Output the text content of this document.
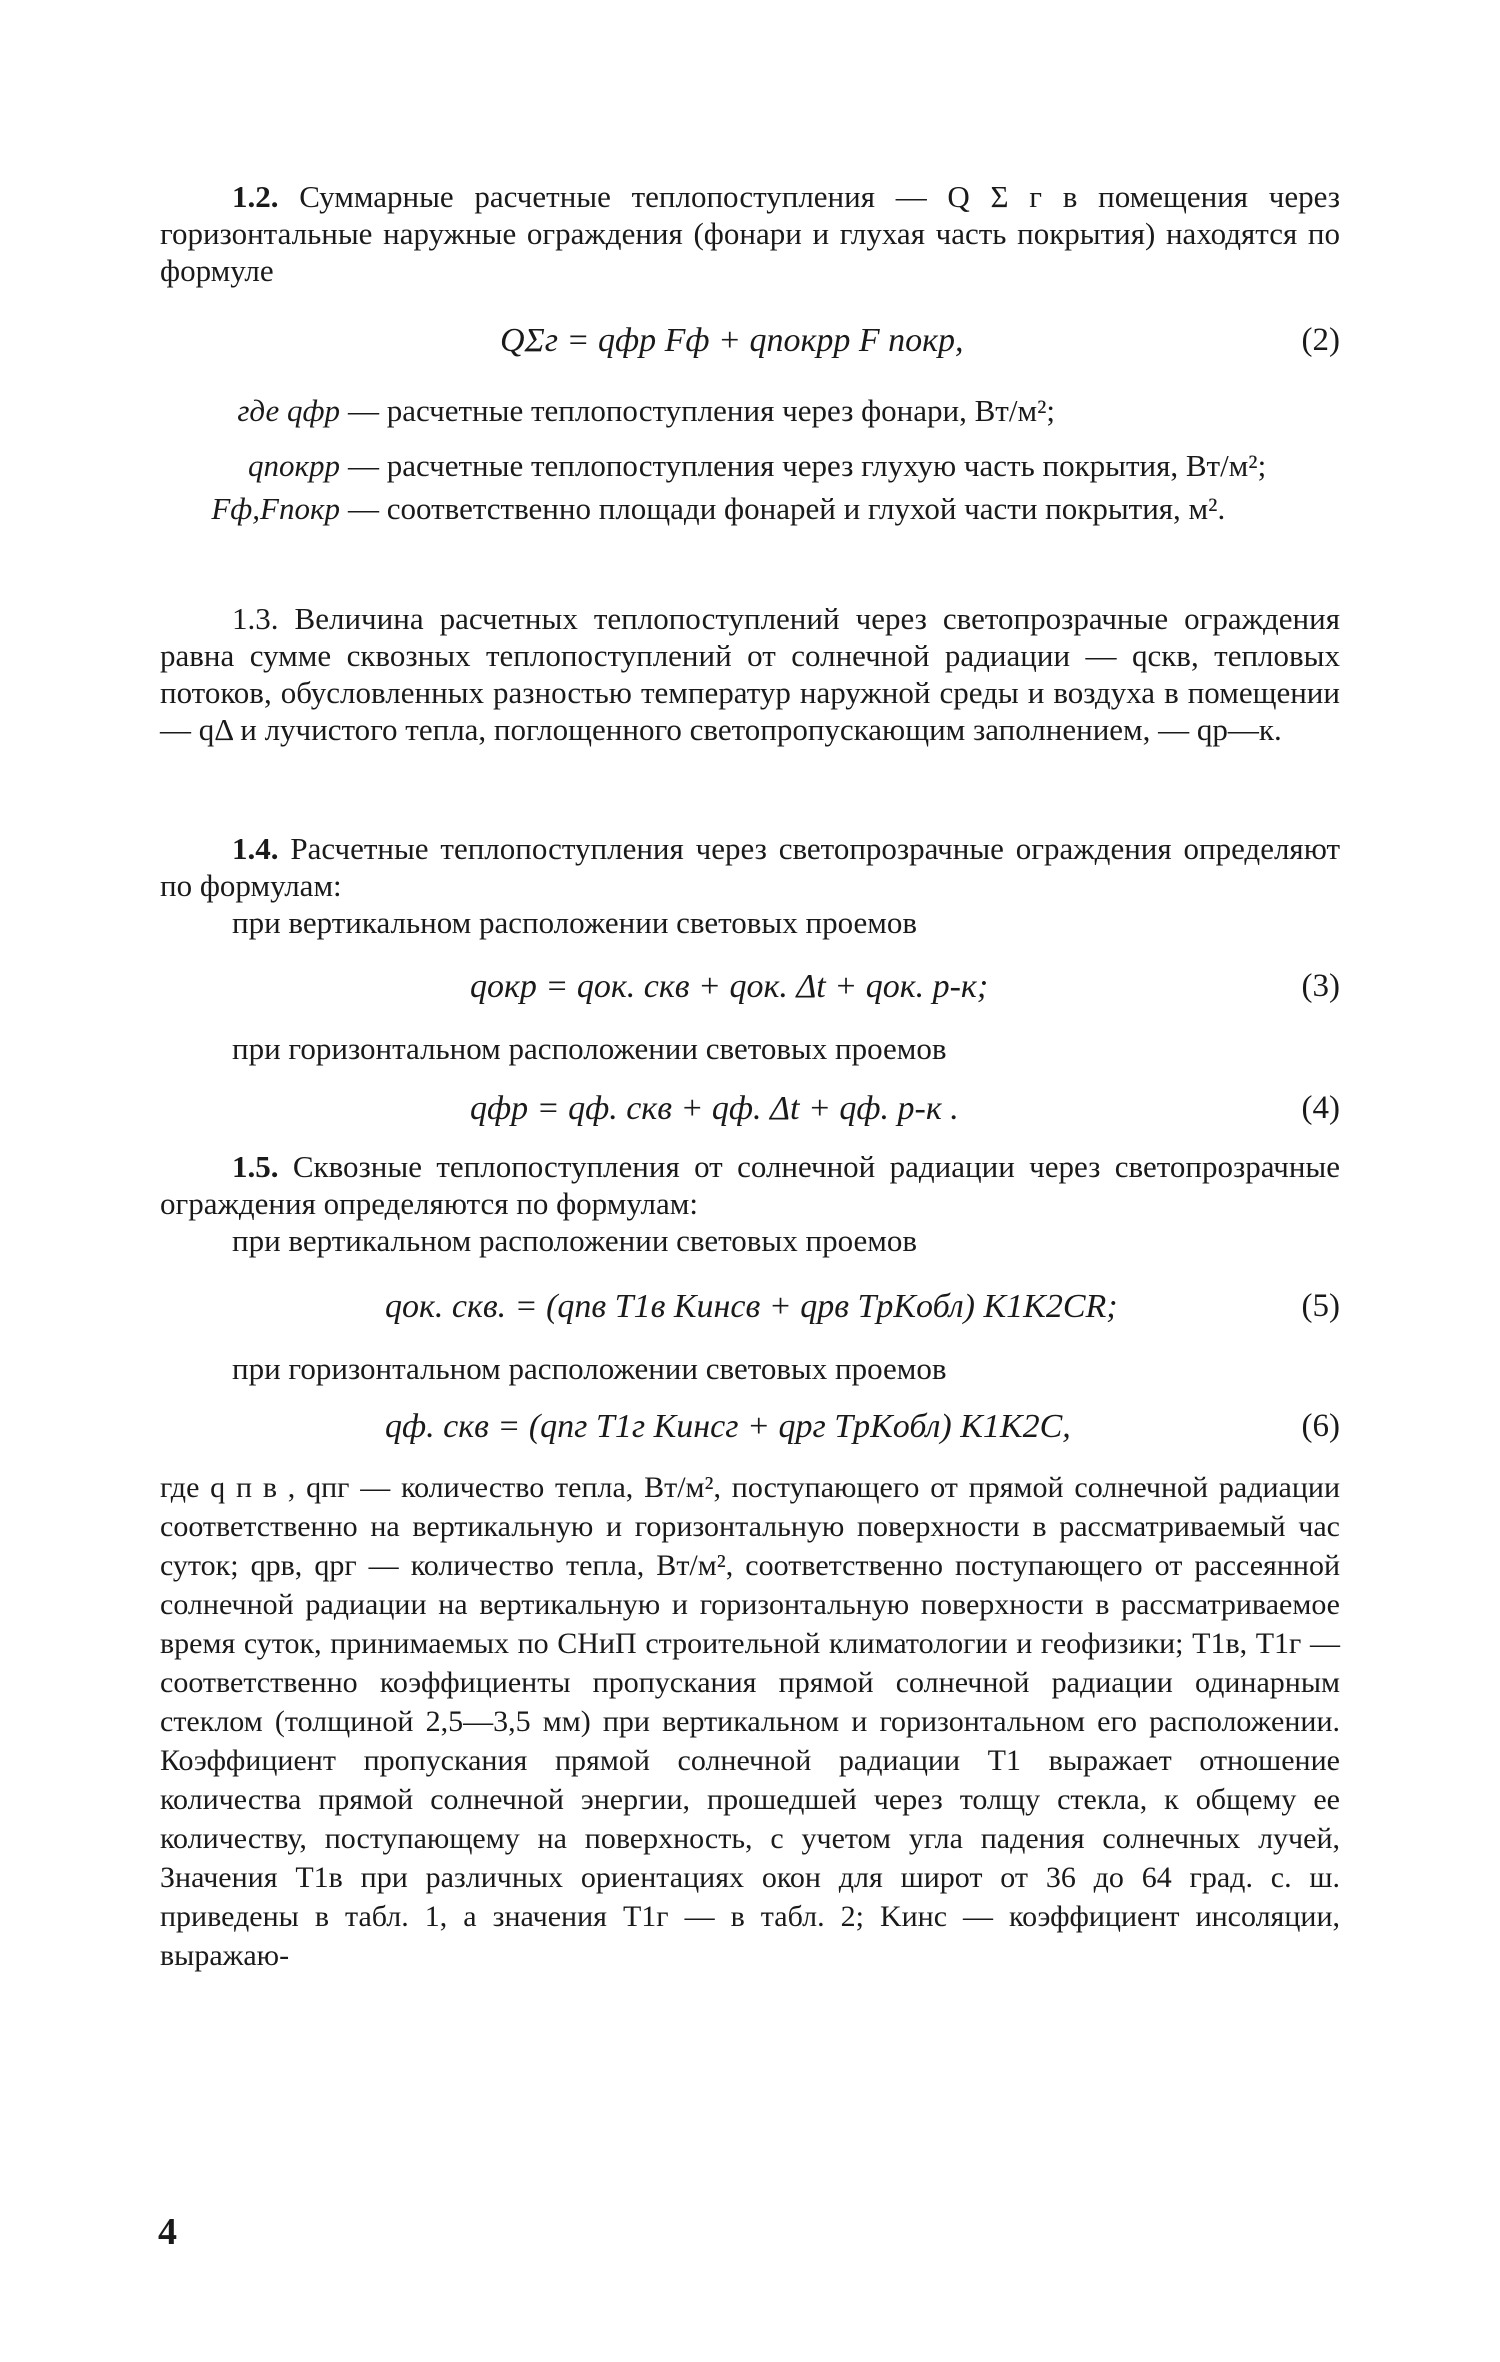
1.2. Суммарные расчетные теплопоступления — Q Σ г в помещения через горизонтальные наружные ограждения (фонари и глухая часть покрытия) находятся по формуле

QΣг = qфр Fф + qпокрр F покр,	(2)
где qфр — расчетные теплопоступления через фонари, Вт/м²;
qпокрр — расчетные теплопоступления через глухую часть покрытия, Вт/м²;
Fф,Fпокр — соответственно площади фонарей и глухой части покрытия, м².

1.3. Величина расчетных теплопоступлений через светопрозрачные ограждения равна сумме сквозных теплопоступлений от солнечной радиации — qскв, тепловых потоков, обусловленных разностью температур наружной среды и воздуха в помещении — qΔ и лучистого тепла, поглощенного светопропускающим заполнением, — qр—к.

1.4. Расчетные теплопоступления через светопрозрачные ограждения определяют по формулам:

при вертикальном расположении световых проемов

qокр = qок. скв + qок. Δt + qок. р-к;	(3)

при горизонтальном расположении световых проемов

qфр = qф. скв + qф. Δt + qф. р-к .	(4)

1.5. Сквозные теплопоступления от солнечной радиации через светопрозрачные ограждения определяются по формулам:

при вертикальном расположении световых проемов

qок. скв. = (qпв T1в Kинсв + qрв TрKобл) K1K2CR;	(5)

при горизонтальном расположении световых проемов

qф. скв = (qпг T1г Kинсг + qрг TрKобл) K1K2C,	(6)

где q п в , qпг — количество тепла, Вт/м², поступающего от прямой солнечной радиации соответственно на вертикальную и горизонтальную поверхности в рассматриваемый час суток; qрв, qрг — количество тепла, Вт/м², соответственно поступающего от рассеянной солнечной радиации на вертикальную и горизонтальную поверхности в рассматриваемое время суток, принимаемых по СНиП строительной климатологии и геофизики; T1в, T1г — соответственно коэффициенты пропускания прямой солнечной радиации одинарным стеклом (толщиной 2,5—3,5 мм) при вертикальном и горизонтальном его расположении. Коэффициент пропускания прямой солнечной радиации T1 выражает отношение количества прямой солнечной энергии, прошедшей через толщу стекла, к общему ее количеству, поступающему на поверхность, с учетом угла падения солнечных лучей, Значения T1в при различных ориентациях окон для широт от 36 до 64 град. с. ш. приведены в табл. 1, а значения T1г — в табл. 2; Kинс — коэффициент инсоляции, выражаю-

4
